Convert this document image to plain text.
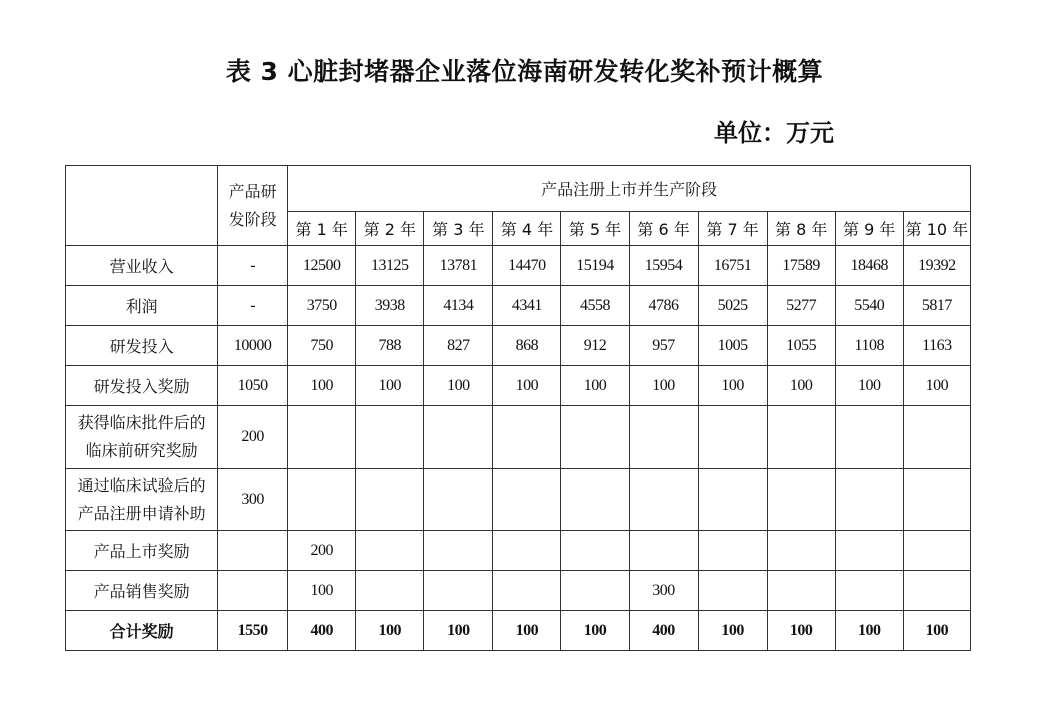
表 3 心脏封堵器企业落位海南研发转化奖补预计概算
单位：万元

	产品研
发阶段	产品注册上市并生产阶段									
		第 1 年	第 2 年	第 3 年	第 4 年	第 5 年	第 6 年	第 7 年	第 8 年	第 9 年	第 10 年
营业收入	-	12500	13125	13781	14470	15194	15954	16751	17589	18468	19392
利润	-	3750	3938	4134	4341	4558	4786	5025	5277	5540	5817
研发投入	10000	750	788	827	868	912	957	1005	1055	1108	1163
研发投入奖励	1050	100	100	100	100	100	100	100	100	100	100

获得临床批件后的
临床前研究奖励	200										

通过临床试验后的
产品注册申请补助	300										
产品上市奖励		200									
产品销售奖励		100					300				
合计奖励	1550	400	100	100	100	100	400	100	100	100	100
